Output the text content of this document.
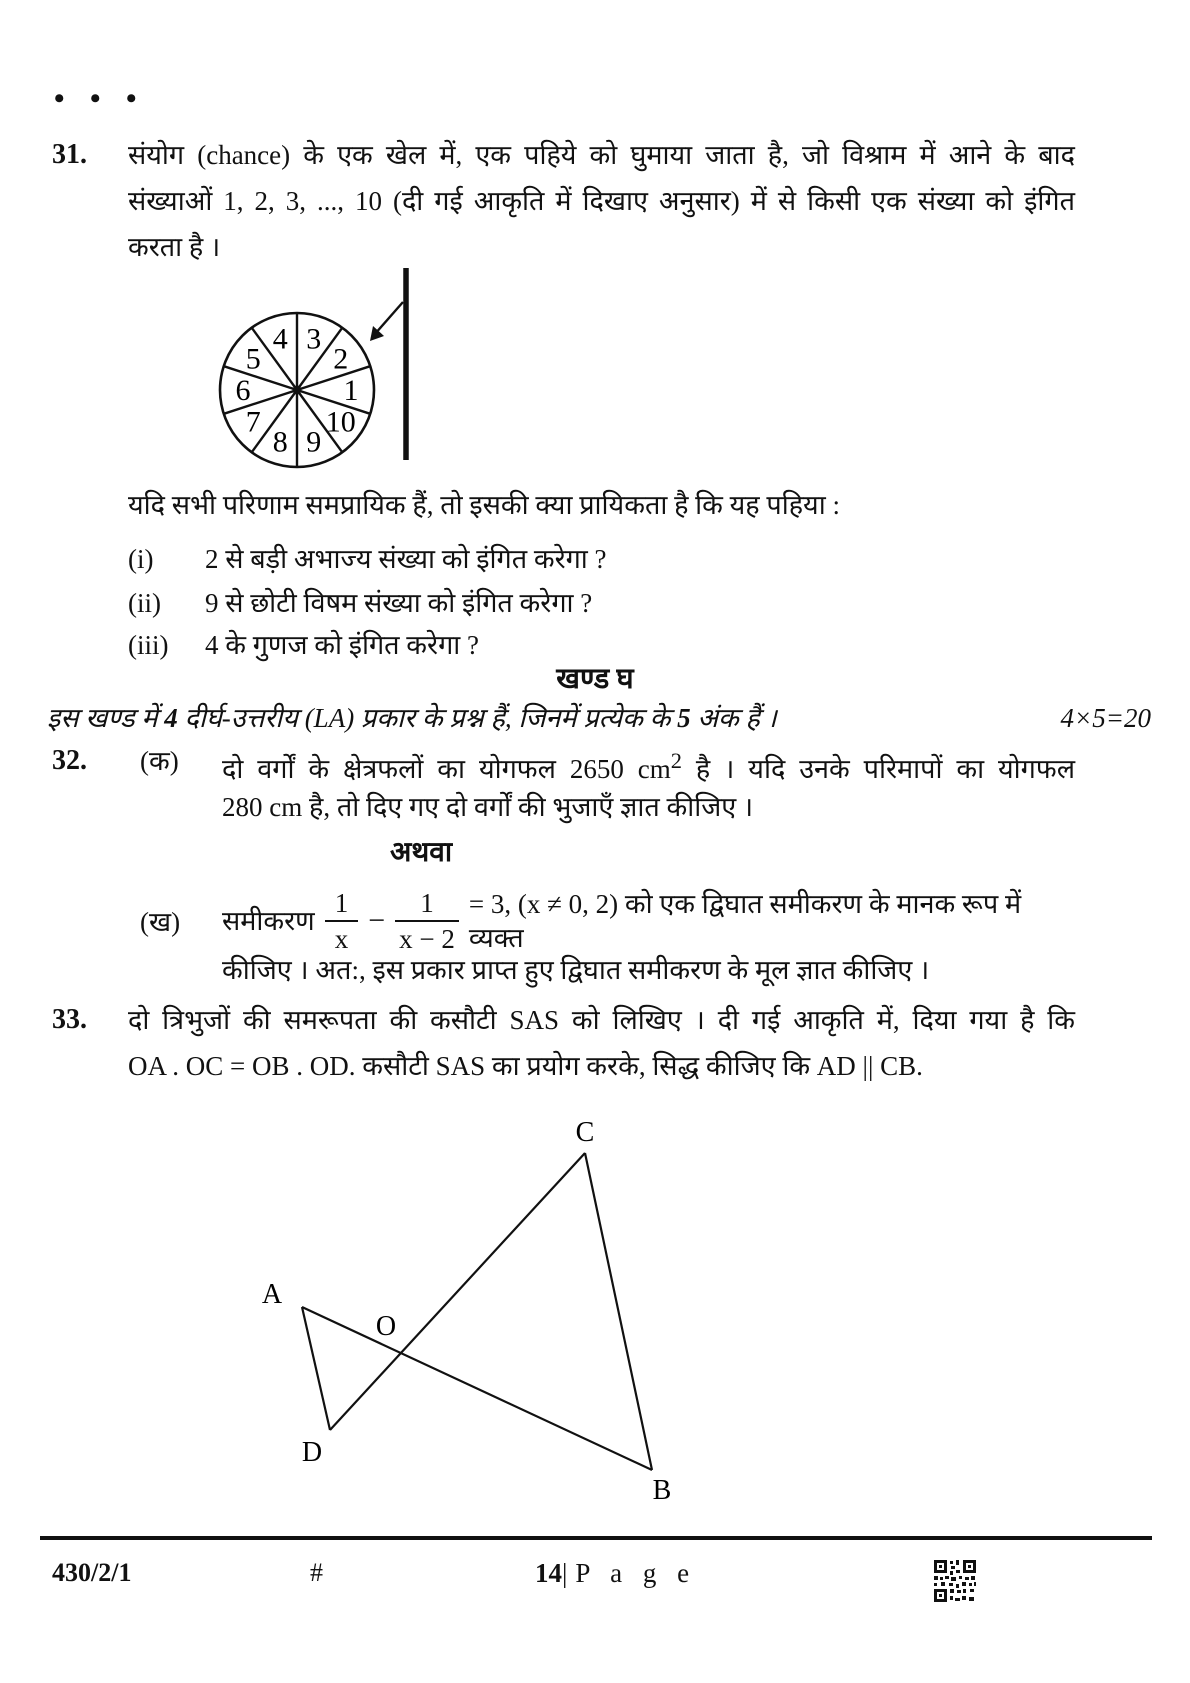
• • •
31. संयोग (chance) के एक खेल में, एक पहिये को घुमाया जाता है, जो विश्राम में आने के बाद
संख्याओं 1, 2, 3, ..., 10 (दी गई आकृति में दिखाए अनुसार) में से किसी एक संख्या को इंगित
करता है ।
1
2
3
4
5
6
7
8 9
10
यदि सभी परिणाम समप्रायिक हैं, तो इसकी क्या प्रायिकता है कि यह पहिया :
(i) 2 से बड़ी अभाज्य संख्या को इंगित करेगा ?
(ii) 9 से छोटी विषम संख्या को इंगित करेगा ?
(iii) 4 के गुणज को इंगित करेगा ?
खण्ड घ
इस खण्ड में 4 दीर्घ-उत्तरीय (LA) प्रकार के प्रश्न हैं, जिनमें प्रत्येक के 5 अंक हैं ।	4×5=20
32. (क) दो वर्गों के क्षेत्रफलों का योगफल 2650 $cm^2$ है । यदि उनके परिमापों का योगफल
280 cm है, तो दिए गए दो वर्गों की भुजाएँ ज्ञात कीजिए ।
अथवा
(ख) समीकरण $\frac{1}{x} - \frac{1}{x - 2} = 3$, (x ≠ 0, 2) को एक द्विघात समीकरण के मानक रूप में व्यक्त
कीजिए । अत:, इस प्रकार प्राप्त हुए द्विघात समीकरण के मूल ज्ञात कीजिए ।
33. दो त्रिभुजों की समरूपता की कसौटी SAS को लिखिए । दी गई आकृति में, दिया गया है कि
OA . OC = OB . OD. कसौटी SAS का प्रयोग करके, सिद्ध कीजिए कि AD || CB.
C
A
O
D
B
430/2/1	#	14| P a g e
